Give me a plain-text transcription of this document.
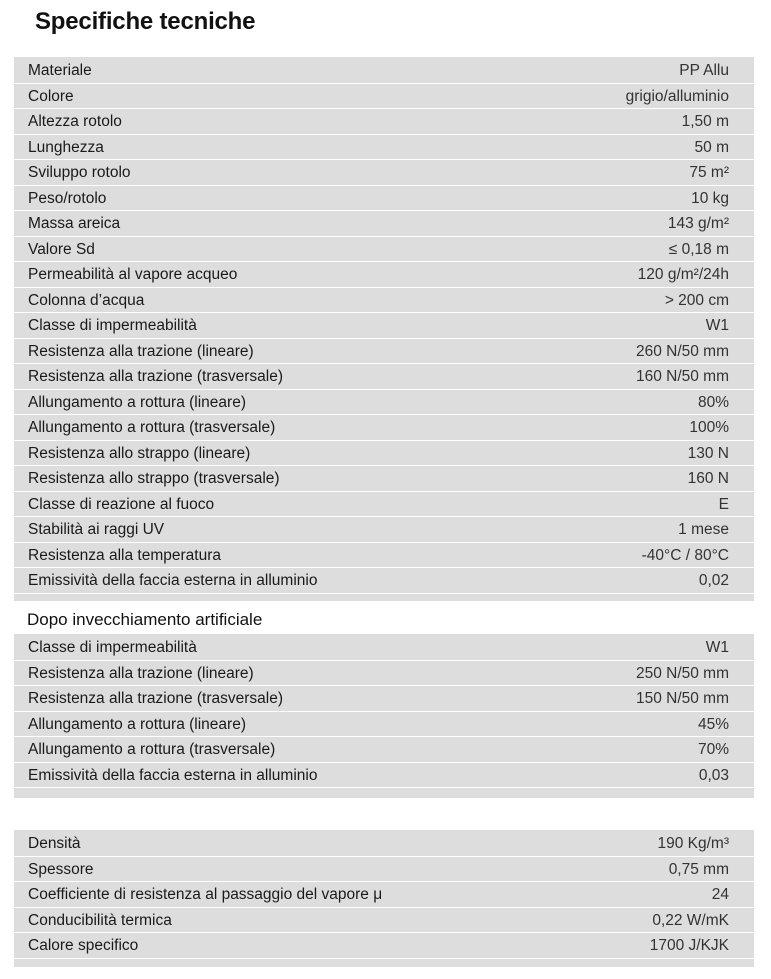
Specifiche tecniche
Materiale	PP Allu
Colore	grigio/alluminio
Altezza rotolo	1,50 m
Lunghezza	50 m
Sviluppo rotolo	75 m²
Peso/rotolo	10 kg
Massa areica	143 g/m²
Valore Sd	≤ 0,18 m
Permeabilità al vapore acqueo	120 g/m²/24h
Colonna d’acqua	> 200 cm
Classe di impermeabilità	W1
Resistenza alla trazione (lineare)	260 N/50 mm
Resistenza alla trazione (trasversale)	160 N/50 mm
Allungamento a rottura (lineare)	80%
Allungamento a rottura (trasversale)	100%
Resistenza allo strappo (lineare)	130 N
Resistenza allo strappo (trasversale)	160 N
Classe di reazione al fuoco	E
Stabilità ai raggi UV	1 mese
Resistenza alla temperatura	-40°C / 80°C
Emissività della faccia esterna in alluminio	0,02
Dopo invecchiamento artificiale
Classe di impermeabilità	W1
Resistenza alla trazione (lineare)	250 N/50 mm
Resistenza alla trazione (trasversale)	150 N/50 mm
Allungamento a rottura (lineare)	45%
Allungamento a rottura (trasversale)	70%
Emissività della faccia esterna in alluminio	0,03
Densità	190 Kg/m³
Spessore	0,75 mm
Coefficiente di resistenza al passaggio del vapore μ	24
Conducibilità termica	0,22 W/mK
Calore specifico	1700 J/KJK
